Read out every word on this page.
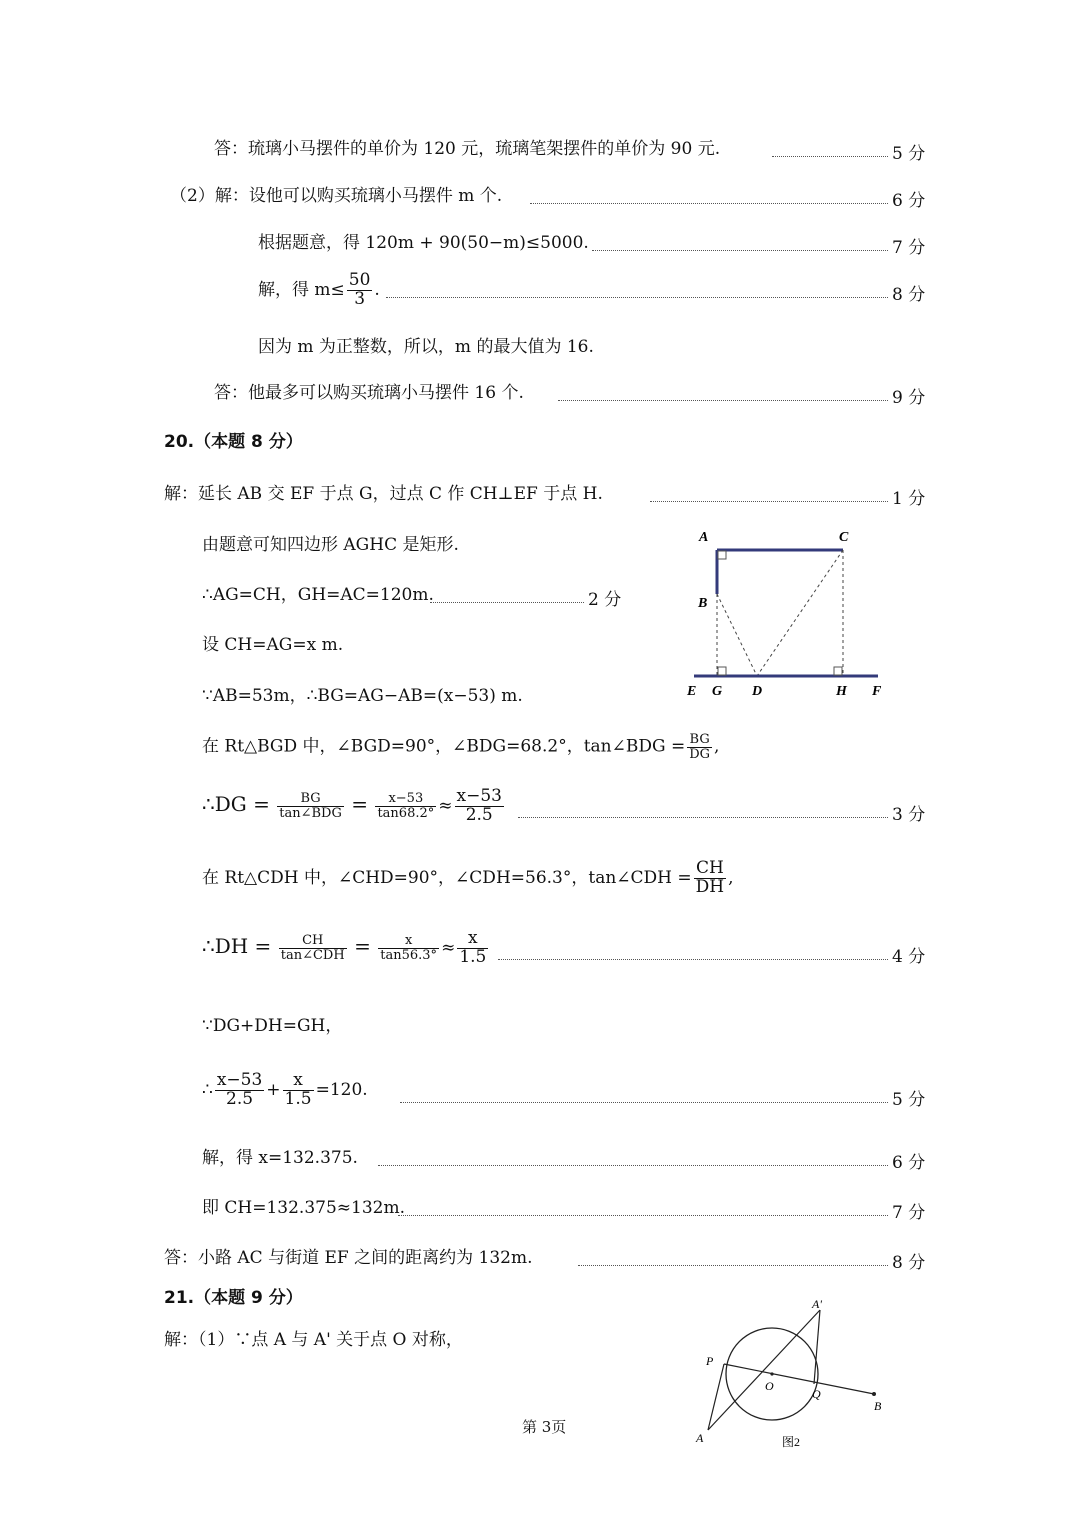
答：琉璃小马摆件的单价为 120 元，琉璃笔架摆件的单价为 90 元.	5 分
（2）解：设他可以购买琉璃小马摆件 m 个.	6 分
根据题意，得 120m + 90(50−m)≤5000.	7 分
解，得 $m\le \frac{50}{3}$ .	8 分
因为 m 为正整数，所以，m 的最大值为 16.
答：他最多可以购买琉璃小马摆件 16 个.	9 分
20.（本题 8 分）
解：延长 AB 交 EF 于点 G，过点 C 作 CH⊥EF 于点 H.	1 分
由题意可知四边形 AGHC 是矩形.
∴AG=CH，GH=AC=120m.	2 分
设 CH=AG=x m.
∵AB=53m，∴BG=AG−AB=(x−53) m.
在 Rt△BGD 中，∠BGD=90°，∠BDG=68.2°，tan∠BDG = $\frac{BG}{DG}$ ,
∴DG = $\frac{BG}{\text{tan∠BDG}} = \frac{x-53}{\tan 68.2^\circ} \approx \frac{x-53}{2.5}$	3 分
在 Rt△CDH 中，∠CHD=90°，∠CDH=56.3°，tan∠CDH = $\frac{CH}{DH}$ ,
∴DH = $\frac{CH}{\text{tan∠CDH}} = \frac{x}{\tan 56.3^\circ} \approx \frac{x}{1.5}$	4 分
∵DG+DH=GH，
∴ $\frac{x-53}{2.5} + \frac{x}{1.5} =120$.
5 分
解，得 x=132.375.	6 分
即 CH=132.375≈132m.	7 分
答：小路 AC 与街道 EF 之间的距离约为 132m.	8 分
21.（本题 9 分）
解：（1）∵点 A 与 A' 关于点 O 对称，
A	C
B
E G D	H F
A'
P
O
Q
B
A	图2
第 3页
